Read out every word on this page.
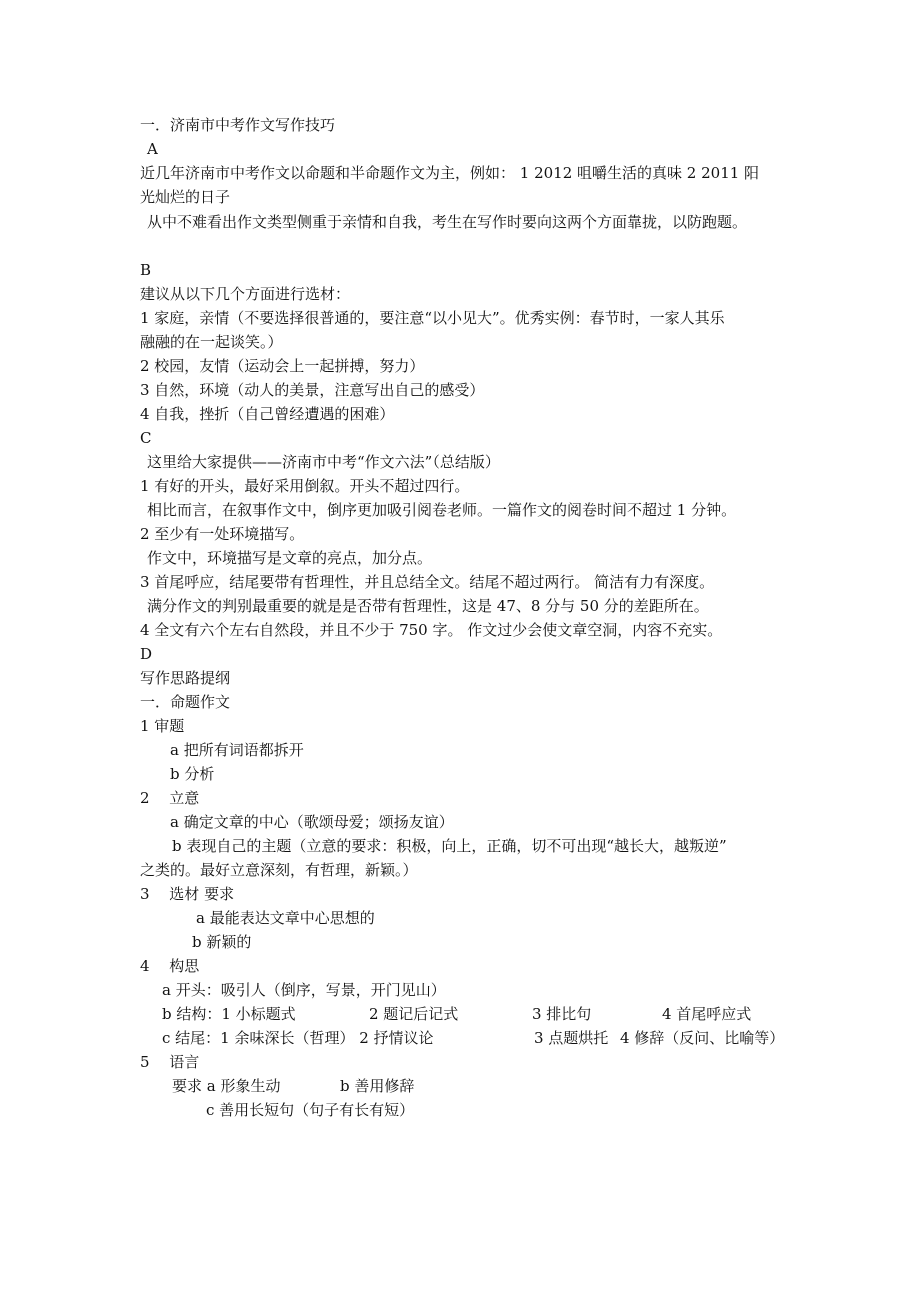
一．济南市中考作文写作技巧
A
近几年济南市中考作文以命题和半命题作文为主，例如： 1 2012 咀嚼生活的真味 2 2011 阳
光灿烂的日子
从中不难看出作文类型侧重于亲情和自我，考生在写作时要向这两个方面靠拢，以防跑题。
B
建议从以下几个方面进行选材：
1 家庭，亲情（不要选择很普通的，要注意“以小见大”。优秀实例：春节时，一家人其乐
融融的在一起谈笑。）
2 校园，友情（运动会上一起拼搏，努力）
3 自然，环境（动人的美景，注意写出自己的感受）
4 自我，挫折（自己曾经遭遇的困难）
C
这里给大家提供——济南市中考“作文六法”（总结版）
1 有好的开头，最好采用倒叙。开头不超过四行。
相比而言，在叙事作文中，倒序更加吸引阅卷老师。一篇作文的阅卷时间不超过 1 分钟。
2 至少有一处环境描写。
作文中，环境描写是文章的亮点，加分点。
3 首尾呼应，结尾要带有哲理性，并且总结全文。结尾不超过两行。 简洁有力有深度。
满分作文的判别最重要的就是是否带有哲理性，这是 47、8 分与 50 分的差距所在。
4 全文有六个左右自然段，并且不少于 750 字。 作文过少会使文章空洞，内容不充实。
D
写作思路提纲
一．命题作文
1 审题
a 把所有词语都拆开
b 分析
2　 立意
a 确定文章的中心（歌颂母爱；颂扬友谊）
b 表现自己的主题（立意的要求：积极，向上，正确，切不可出现“越长大，越叛逆”
之类的。最好立意深刻，有哲理，新颖。）
3　 选材 要求
a 最能表达文章中心思想的
b 新颖的
4　 构思
a 开头：吸引人（倒序，写景，开门见山）
b 结构：1 小标题式	2 题记后记式	3 排比句	4 首尾呼应式
c 结尾：1 余味深长（哲理） 2 抒情议论	3 点题烘托 4 修辞（反问、比喻等）
5　 语言
要求 a 形象生动	b 善用修辞
c 善用长短句（句子有长有短）
